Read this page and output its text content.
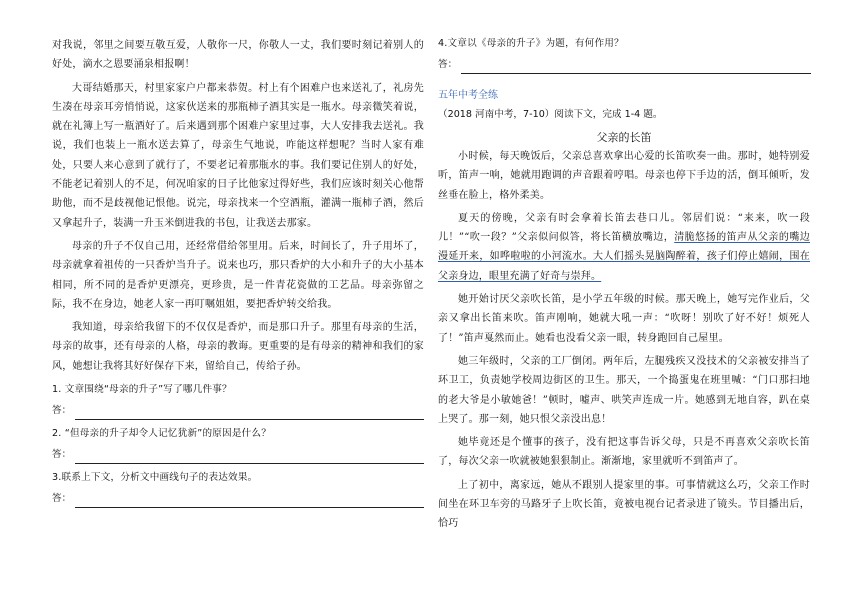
对我说，邻里之间要互敬互爱，人敬你一尺，你敬人一丈，我们要时刻记着别人的好处，滴水之恩要涌泉相报啊！

大哥结婚那天，村里家家户户都来恭贺。村上有个困难户也来送礼了，礼房先生凑在母亲耳旁悄悄说，这家伙送来的那瓶柿子酒其实是一瓶水。母亲微笑着说，就在礼簿上写一瓶酒好了。后来遇到那个困难户家里过事，大人安排我去送礼。我说，我们也装上一瓶水送去算了，母亲生气地说，咋能这样想呢？当时人家有难处，只要人来心意到了就行了，不要老记着那瓶水的事。我们要记住别人的好处，不能老记着别人的不足，何况咱家的日子比他家过得好些，我们应该时刻关心他帮助他，而不是歧视他记恨他。说完，母亲找来一个空酒瓶，灌满一瓶柿子酒，然后又拿起升子，装满一升玉米倒进我的书包，让我送去那家。

母亲的升子不仅自己用，还经常借给邻里用。后来，时间长了，升子用坏了，母亲就拿着祖传的一只香炉当升子。说来也巧，那只香炉的大小和升子的大小基本相同，所不同的是香炉更漂亮，更珍贵，是一件青花瓷做的工艺品。母亲弥留之际，我不在身边，她老人家一再叮嘱姐姐，要把香炉转交给我。

我知道，母亲给我留下的不仅仅是香炉，而是那口升子。那里有母亲的生活，母亲的故事，还有母亲的人格，母亲的教诲。更重要的是有母亲的精神和我们的家风，她想让我将其好好保存下来，留给自己，传给子孙。

1. 文章围绕“母亲的升子”写了哪几件事？

答：

2. “但母亲的升子却令人记忆犹新”的原因是什么？

答：

3.联系上下文，分析文中画线句子的表达效果。

答：

4.文章以《母亲的升子》为题，有何作用？

答：
五年中考全练
（2018 河南中考，7-10）阅读下文，完成 1-4 题。
父亲的长笛

小时候，每天晚饭后，父亲总喜欢拿出心爱的长笛吹奏一曲。那时，她特别爱听，笛声一响，她就用跑调的声音跟着哼唱。母亲也停下手边的活，倒耳倾听，发丝垂在脸上，格外柔美。

夏天的傍晚，父亲有时会拿着长笛去巷口儿。邻居们说：“来来，吹一段儿！”“吹一段？”父亲似问似答，将长笛横放嘴边，清脆悠扬的笛声从父亲的嘴边漫延开来，如哗啦啦的小河流水。大人们摇头晃脑陶醉着，孩子们停止嬉闹，围在父亲身边，眼里充满了好奇与崇拜。

她开始讨厌父亲吹长笛，是小学五年级的时候。那天晚上，她写完作业后，父亲又拿出长笛来吹。笛声刚响，她就大吼一声：“吹呀！别吹了好不好！烦死人了！”笛声戛然而止。她看也没看父亲一眼，转身跑回自己屋里。

她三年级时，父亲的工厂倒闭。两年后，左腿残疾又没技术的父亲被安排当了环卫工，负责她学校周边街区的卫生。那天，一个捣蛋鬼在班里喊：“门口那扫地的老大爷是小敏她爸！”顿时，嘘声、哄笑声连成一片。她感到无地自容，趴在桌上哭了。那一刻，她只恨父亲没出息！

她毕竟还是个懂事的孩子，没有把这事告诉父母，只是不再喜欢父亲吹长笛了，每次父亲一吹就被她狠狠制止。渐渐地，家里就听不到笛声了。

上了初中，离家远，她从不跟别人提家里的事。可事情就这么巧，父亲工作时间坐在环卫车旁的马路牙子上吹长笛，竟被电视台记者录进了镜头。节目播出后，恰巧
